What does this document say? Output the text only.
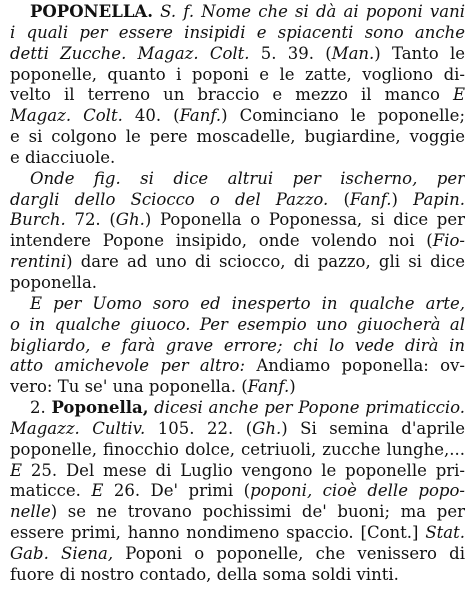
POPONELLA. S. f. Nome che si dà ai poponi vani
i quali per essere insipidi e spiacenti sono anche
detti Zucche. Magaz. Colt. 5. 39. (Man.) Tanto le
poponelle, quanto i poponi e le zatte, vogliono di-
velto il terreno un braccio e mezzo il manco E
Magaz. Colt. 40. (Fanf.) Cominciano le poponelle;
e si colgono le pere moscadelle, bugiardine, voggie
e diacciuole.
Onde fig. si dice altrui per ischerno, per
dargli dello Sciocco o del Pazzo. (Fanf.) Papin.
Burch. 72. (Gh.) Poponella o Poponessa, si dice per
intendere Popone insipido, onde volendo noi (Fio-
rentini) dare ad uno di sciocco, di pazzo, gli si dice
poponella.
E per Uomo soro ed inesperto in qualche arte,
o in qualche giuoco. Per esempio uno giuocherà al
bigliardo, e farà grave errore; chi lo vede dirà in
atto amichevole per altro: Andiamo poponella: ov-
vero: Tu se' una poponella. (Fanf.)
2. Poponella, dicesi anche per Popone primaticcio.
Magazz. Cultiv. 105. 22. (Gh.) Si semina d'aprile
poponelle, finocchio dolce, cetriuoli, zucche lunghe,...
E 25. Del mese di Luglio vengono le poponelle pri-
maticce. E 26. De' primi (poponi, cioè delle popo-
nelle) se ne trovano pochissimi de' buoni; ma per
essere primi, hanno nondimeno spaccio. [Cont.] Stat.
Gab. Siena, Poponi o poponelle, che venissero di
fuore di nostro contado, della soma soldi vinti.
